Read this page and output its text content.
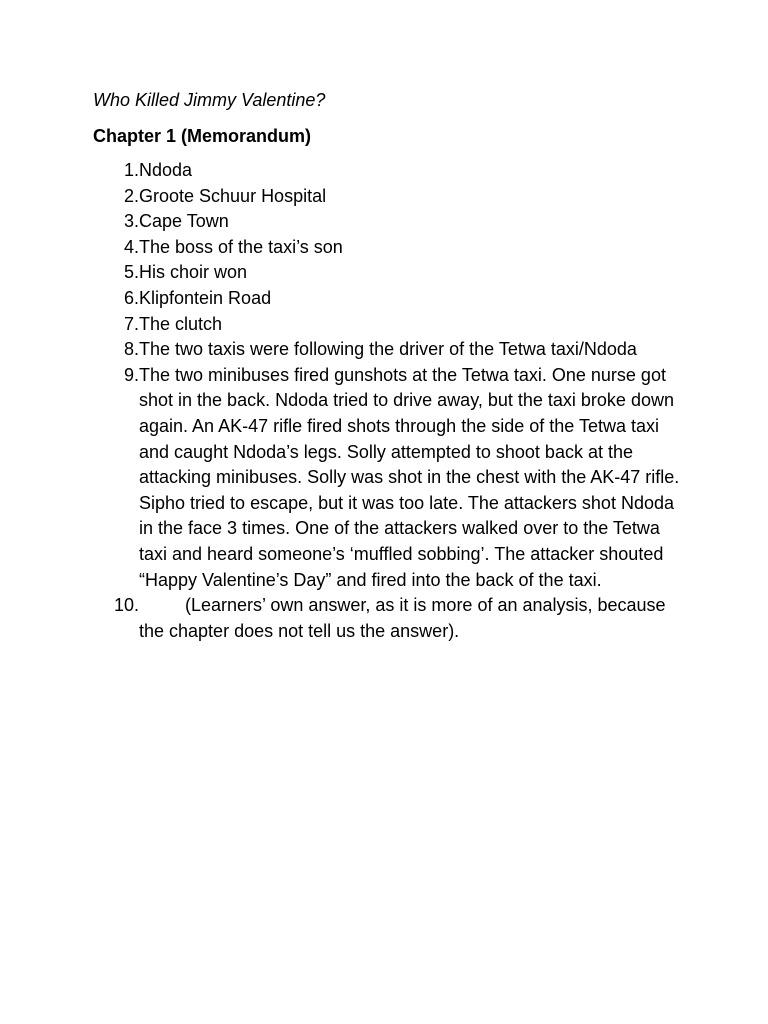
Who Killed Jimmy Valentine?
Chapter 1 (Memorandum)
1. Ndoda
2. Groote Schuur Hospital
3. Cape Town
4. The boss of the taxi’s son
5. His choir won
6. Klipfontein Road
7. The clutch
8. The two taxis were following the driver of the Tetwa taxi/Ndoda
9. The two minibuses fired gunshots at the Tetwa taxi. One nurse got shot in the back. Ndoda tried to drive away, but the taxi broke down again. An AK-47 rifle fired shots through the side of the Tetwa taxi and caught Ndoda’s legs. Solly attempted to shoot back at the attacking minibuses. Solly was shot in the chest with the AK-47 rifle. Sipho tried to escape, but it was too late. The attackers shot Ndoda in the face 3 times. One of the attackers walked over to the Tetwa taxi and heard someone’s ‘muffled sobbing’. The attacker shouted “Happy Valentine’s Day” and fired into the back of the taxi.
10.	(Learners’ own answer, as it is more of an analysis, because the chapter does not tell us the answer).
